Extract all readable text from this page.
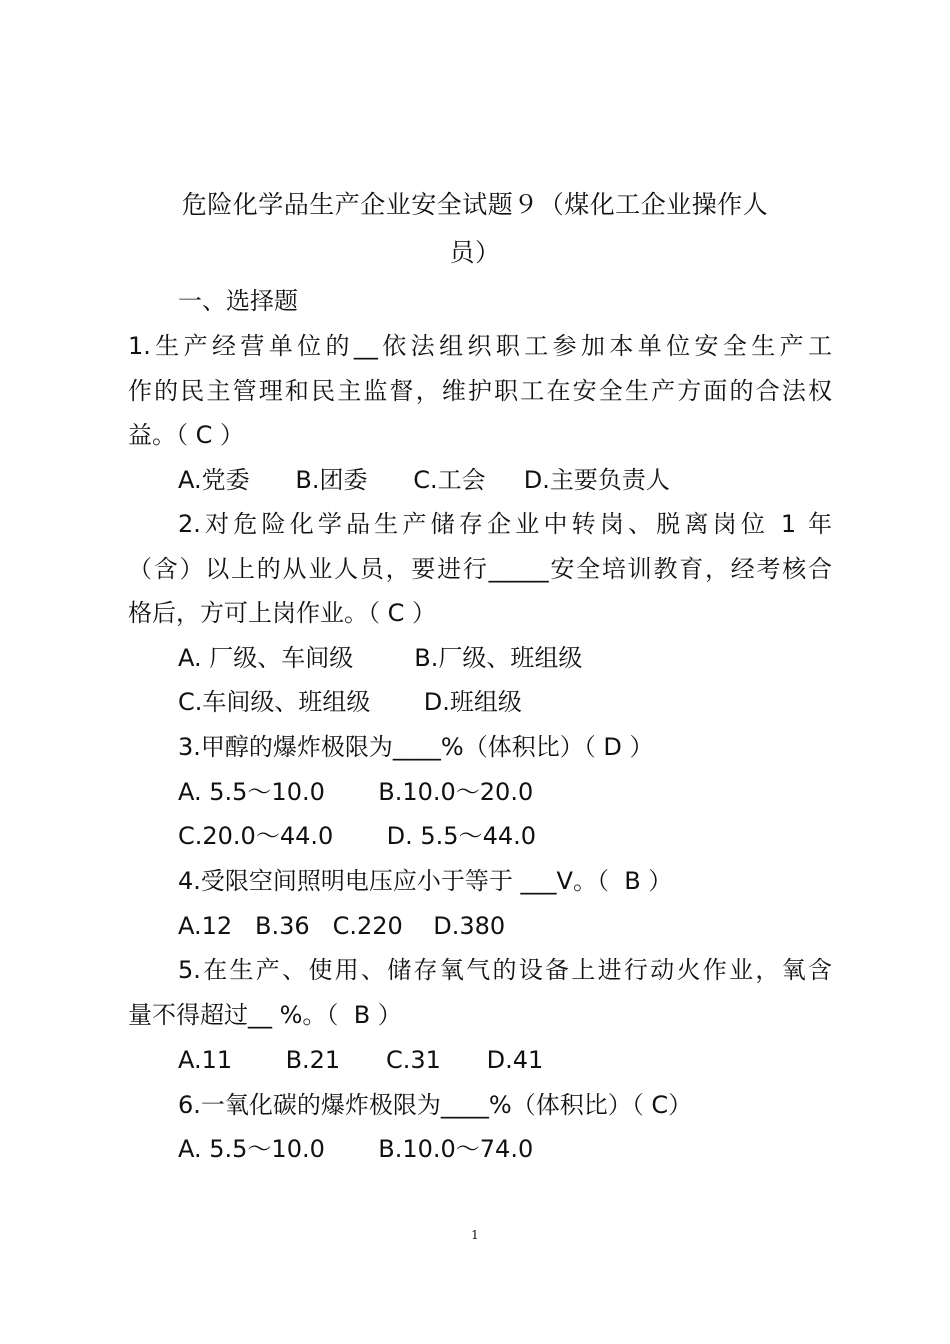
危险化学品生产企业安全试题９（煤化工企业操作人
员）
一、选择题
1.生产经营单位的__依法组织职工参加本单位安全生产工
作的民主管理和民主监督，维护职工在安全生产方面的合法权
益。（ C ）
A.党委      B.团委      C.工会     D.主要负责人
2.对危险化学品生产储存企业中转岗、脱离岗位 1 年
（含）以上的从业人员，要进行_____安全培训教育，经考核合
格后，方可上岗作业。（ C ）
A. 厂级、车间级        B.厂级、班组级
C.车间级、班组级       D.班组级
3.甲醇的爆炸极限为____%（体积比）（ D ）
A. 5.5～10.0       B.10.0～20.0
C.20.0～44.0       D. 5.5～44.0
4.受限空间照明电压应小于等于 ___V。（  B ）
A.12   B.36   C.220    D.380
5.在生产、使用、储存氧气的设备上进行动火作业，氧含
量不得超过__ %。（  B ）
A.11       B.21      C.31      D.41
6.一氧化碳的爆炸极限为____%（体积比）（ C）
A. 5.5～10.0       B.10.0～74.0
1
